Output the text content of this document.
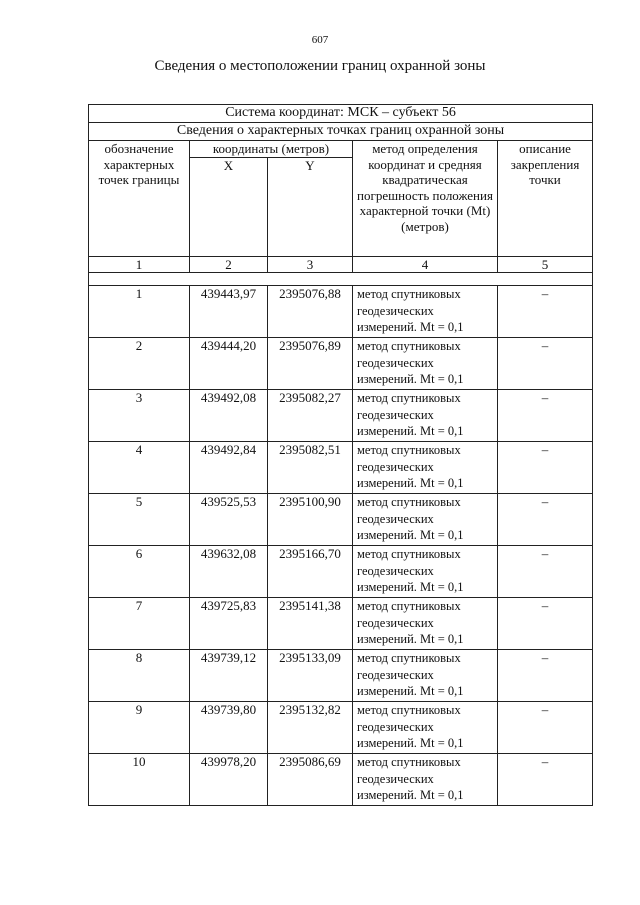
607
Сведения о местоположении границ охранной зоны
Система координат: МСК – субъект 56				
Сведения о характерных точках границ охранной зоны				
обозначение характерных точек границы	координаты (метров)		метод определения координат и средняя квадратическая погрешность положения характерной точки (Mt) (метров)	описание закрепления точки
	X	Y		
1	2	3	4	5

1	439443,97	2395076,88	метод спутниковых
геодезических
измерений. Mt = 0,1	–
2	439444,20	2395076,89	метод спутниковых
геодезических
измерений. Mt = 0,1	–
3	439492,08	2395082,27	метод спутниковых
геодезических
измерений. Mt = 0,1	–
4	439492,84	2395082,51	метод спутниковых
геодезических
измерений. Mt = 0,1	–
5	439525,53	2395100,90	метод спутниковых
геодезических
измерений. Mt = 0,1	–
6	439632,08	2395166,70	метод спутниковых
геодезических
измерений. Mt = 0,1	–
7	439725,83	2395141,38	метод спутниковых
геодезических
измерений. Mt = 0,1	–
8	439739,12	2395133,09	метод спутниковых
геодезических
измерений. Mt = 0,1	–
9	439739,80	2395132,82	метод спутниковых
геодезических
измерений. Mt = 0,1	–
10	439978,20	2395086,69	метод спутниковых
геодезических
измерений. Mt = 0,1	–
